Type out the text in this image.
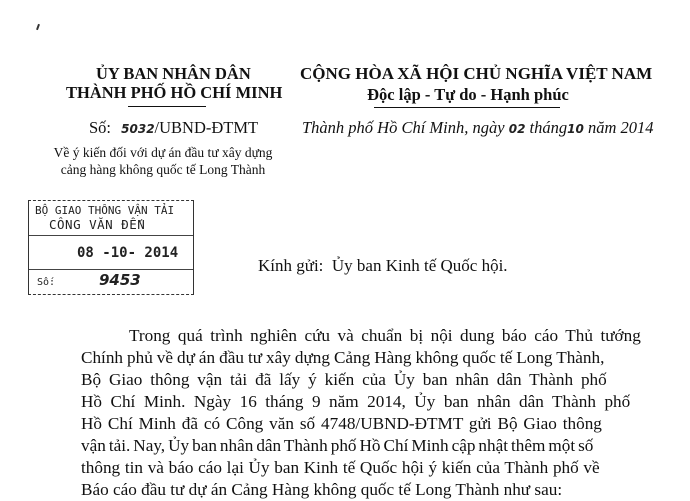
ỦY BAN NHÂN DÂN
THÀNH PHỐ HỒ CHÍ MINH
Số: 5032/UBND-ĐTMT
Về ý kiến đối với dự án đầu tư xây dựng
cảng hàng không quốc tế Long Thành
CỘNG HÒA XÃ HỘI CHỦ NGHĨA VIỆT NAM
Độc lập - Tự do - Hạnh phúc
Thành phố Hồ Chí Minh, ngày 02 tháng10 năm 2014
BỘ GIAO THÔNG VẬN TẢI
CÔNG VĂN ĐẾN
08 -10- 2014
Số:	9453
Kính gửi:  Ủy ban Kinh tế Quốc hội.
Trong quá trình nghiên cứu và chuẩn bị nội dung báo cáo Thủ tướng
Chính phủ về dự án đầu tư xây dựng Cảng Hàng không quốc tế Long Thành,
Bộ Giao thông vận tải đã lấy ý kiến của Ủy ban nhân dân Thành phố
Hồ Chí Minh. Ngày 16 tháng 9 năm 2014, Ủy ban nhân dân Thành phố
Hồ Chí Minh đã có Công văn số 4748/UBND-ĐTMT gửi Bộ Giao thông
vận tải. Nay, Ủy ban nhân dân Thành phố Hồ Chí Minh cập nhật thêm một số
thông tin và báo cáo lại Ủy ban Kinh tế Quốc hội ý kiến của Thành phố về
Báo cáo đầu tư dự án Cảng Hàng không quốc tế Long Thành như sau:
